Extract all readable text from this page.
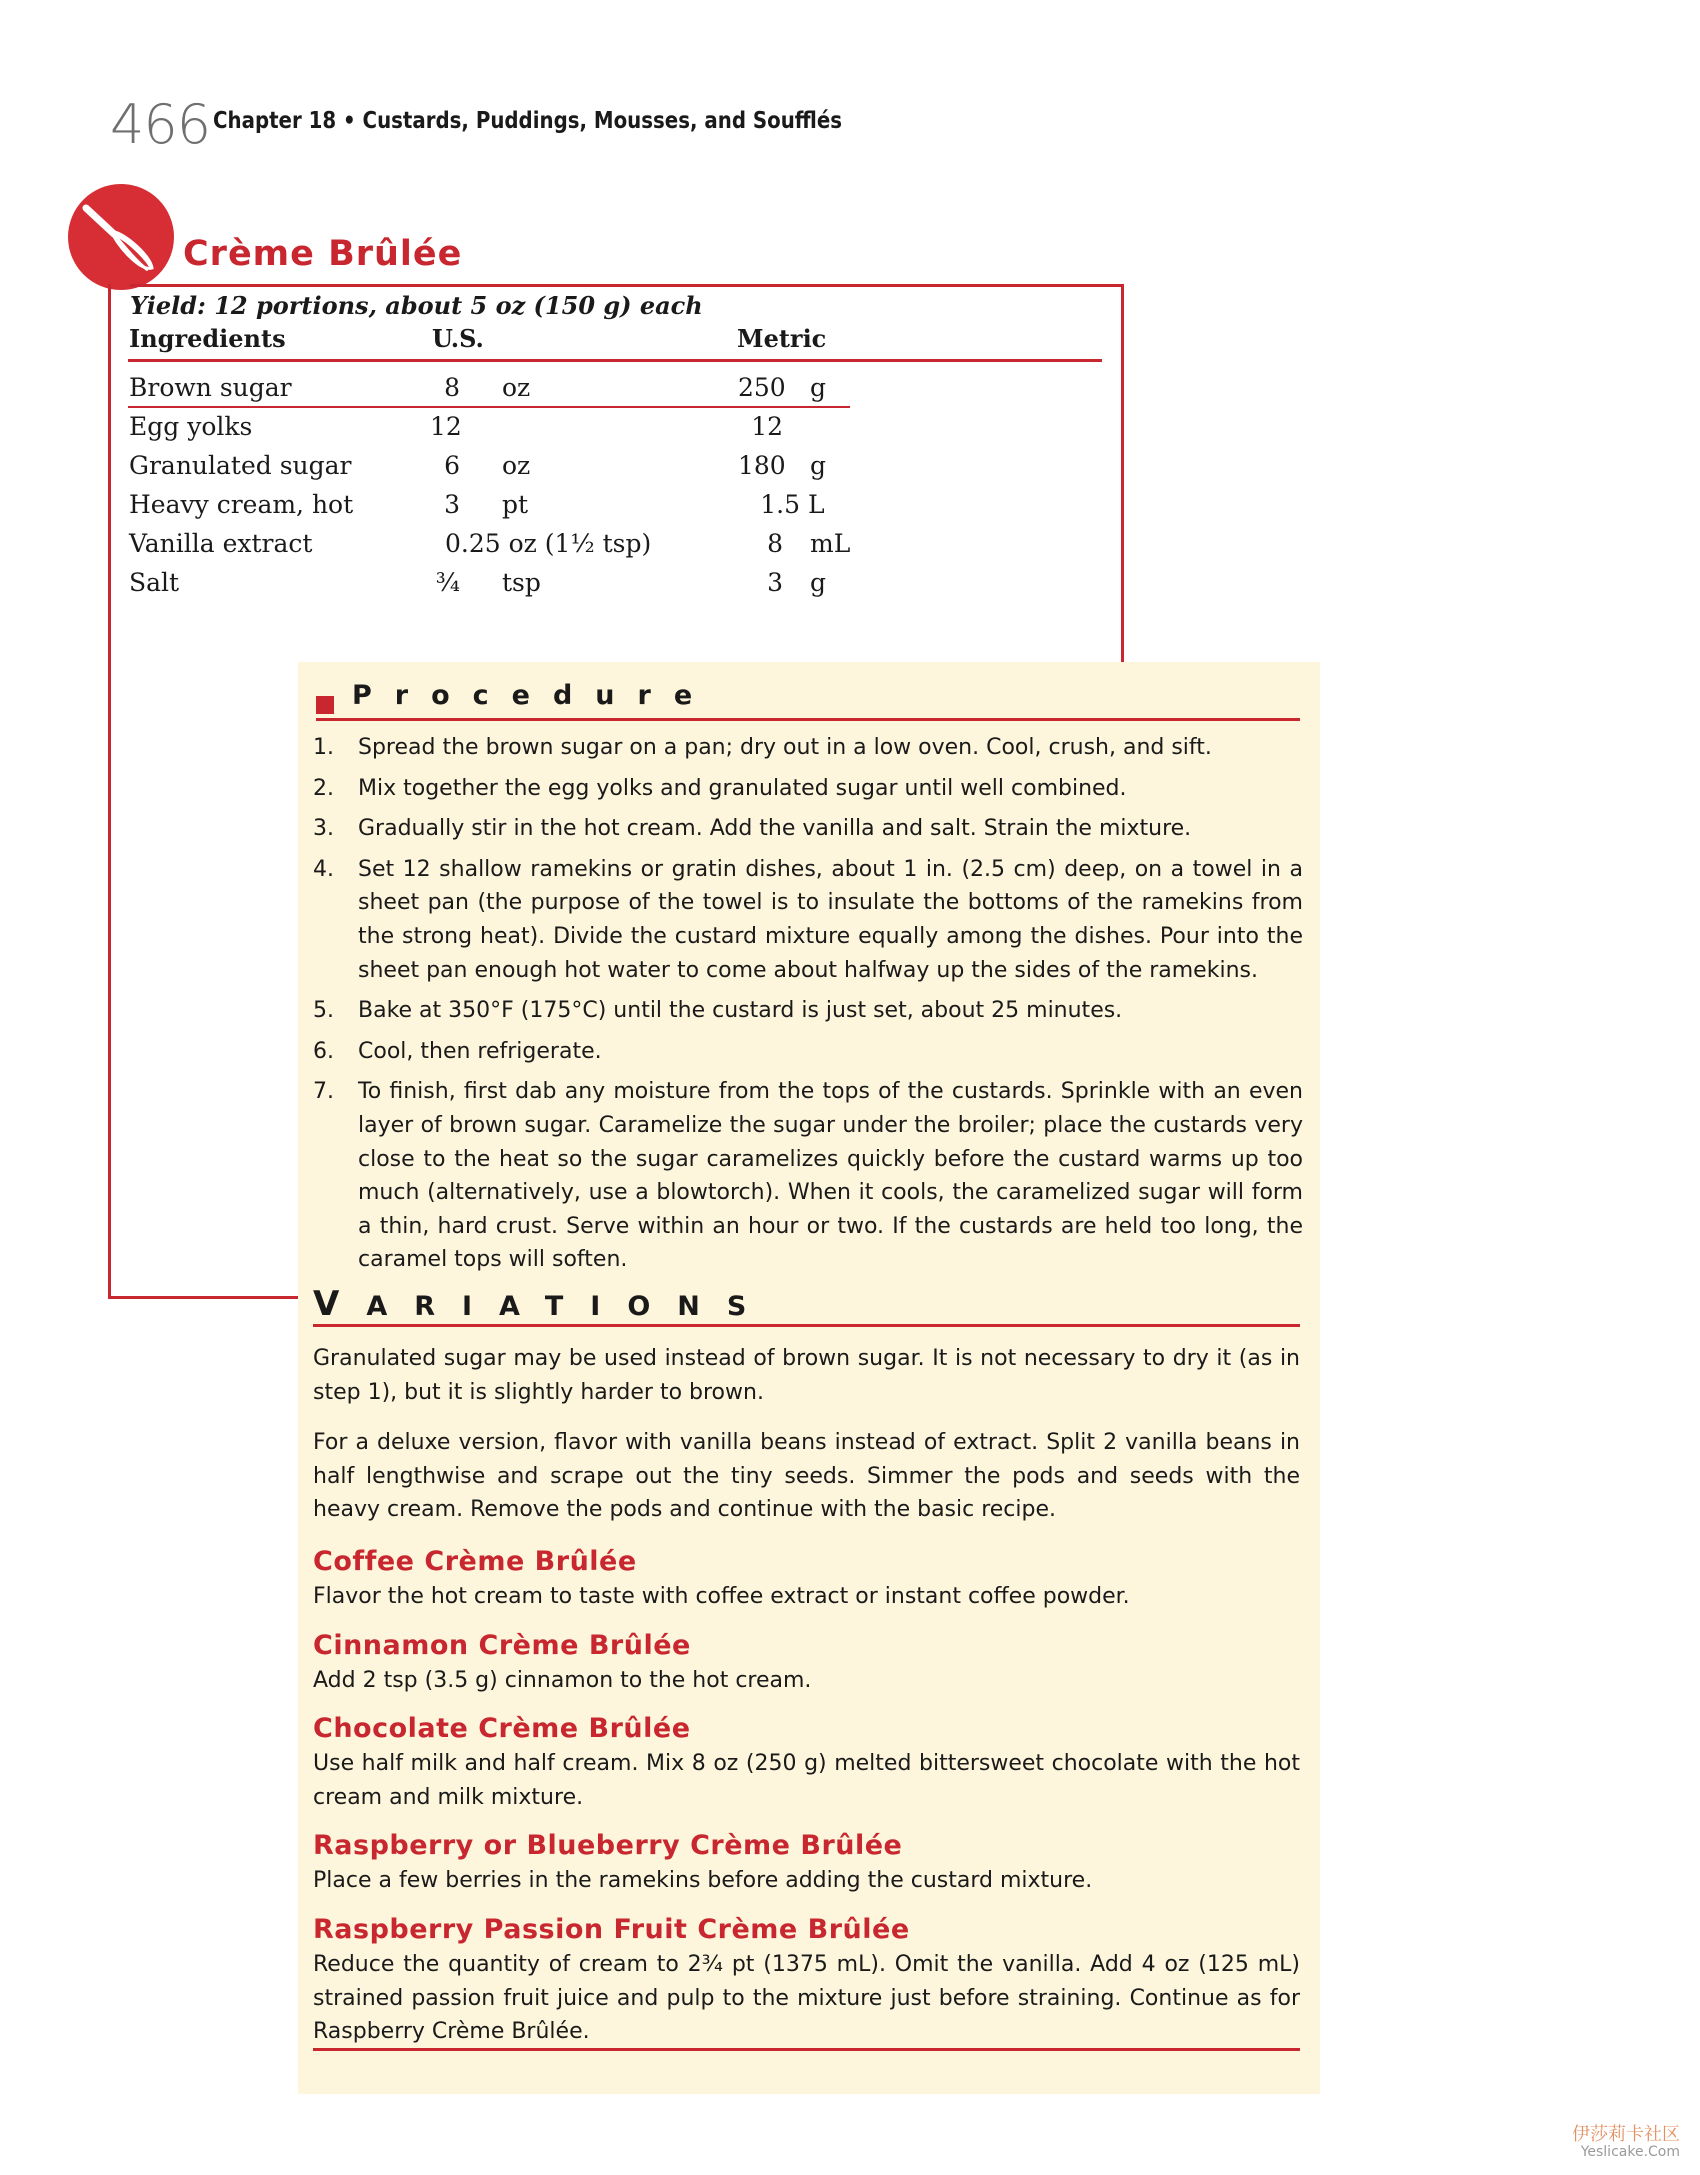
466 Chapter 18 • Custards, Puddings, Mousses, and Soufflés
Crème Brûlée
Yield: 12 portions, about 5 oz (150 g) each
Ingredients	U.S.	Metric
Brown sugar	8 oz	250 g
Egg yolks	12	12
Granulated sugar	6 oz	180 g
Heavy cream, hot	3 pt	1.5 L
Vanilla extract	0.25 oz (1½ tsp)	8 mL
Salt	¾ tsp	3 g
Procedure
1. Spread the brown sugar on a pan; dry out in a low oven. Cool, crush, and sift.
2. Mix together the egg yolks and granulated sugar until well combined.
3. Gradually stir in the hot cream. Add the vanilla and salt. Strain the mixture.
4. Set 12 shallow ramekins or gratin dishes, about 1 in. (2.5 cm) deep, on a towel in a sheet pan (the purpose of the towel is to insulate the bottoms of the ramekins from the strong heat). Divide the custard mixture equally among the dishes. Pour into the sheet pan enough hot water to come about halfway up the sides of the ramekins.
5. Bake at 350°F (175°C) until the custard is just set, about 25 minutes.
6. Cool, then refrigerate.
7. To finish, first dab any moisture from the tops of the custards. Sprinkle with an even layer of brown sugar. Caramelize the sugar under the broiler; place the custards very close to the heat so the sugar caramelizes quickly before the custard warms up too much (alternatively, use a blowtorch). When it cools, the caramelized sugar will form a thin, hard crust. Serve within an hour or two. If the custards are held too long, the caramel tops will soften.
VARIATIONS

Granulated sugar may be used instead of brown sugar. It is not necessary to dry it (as in step 1), but it is slightly harder to brown.

For a deluxe version, flavor with vanilla beans instead of extract. Split 2 vanilla beans in half lengthwise and scrape out the tiny seeds. Simmer the pods and seeds with the heavy cream. Remove the pods and continue with the basic recipe.

Coffee Crème Brûlée

Flavor the hot cream to taste with coffee extract or instant coffee powder.

Cinnamon Crème Brûlée

Add 2 tsp (3.5 g) cinnamon to the hot cream.

Chocolate Crème Brûlée

Use half milk and half cream. Mix 8 oz (250 g) melted bittersweet chocolate with the hot cream and milk mixture.

Raspberry or Blueberry Crème Brûlée

Place a few berries in the ramekins before adding the custard mixture.

Raspberry Passion Fruit Crème Brûlée

Reduce the quantity of cream to 2¾ pt (1375 mL). Omit the vanilla. Add 4 oz (125 mL) strained passion fruit juice and pulp to the mixture just before straining. Continue as for Raspberry Crème Brûlée.

伊莎莉卡社区
Yeslicake.Com
